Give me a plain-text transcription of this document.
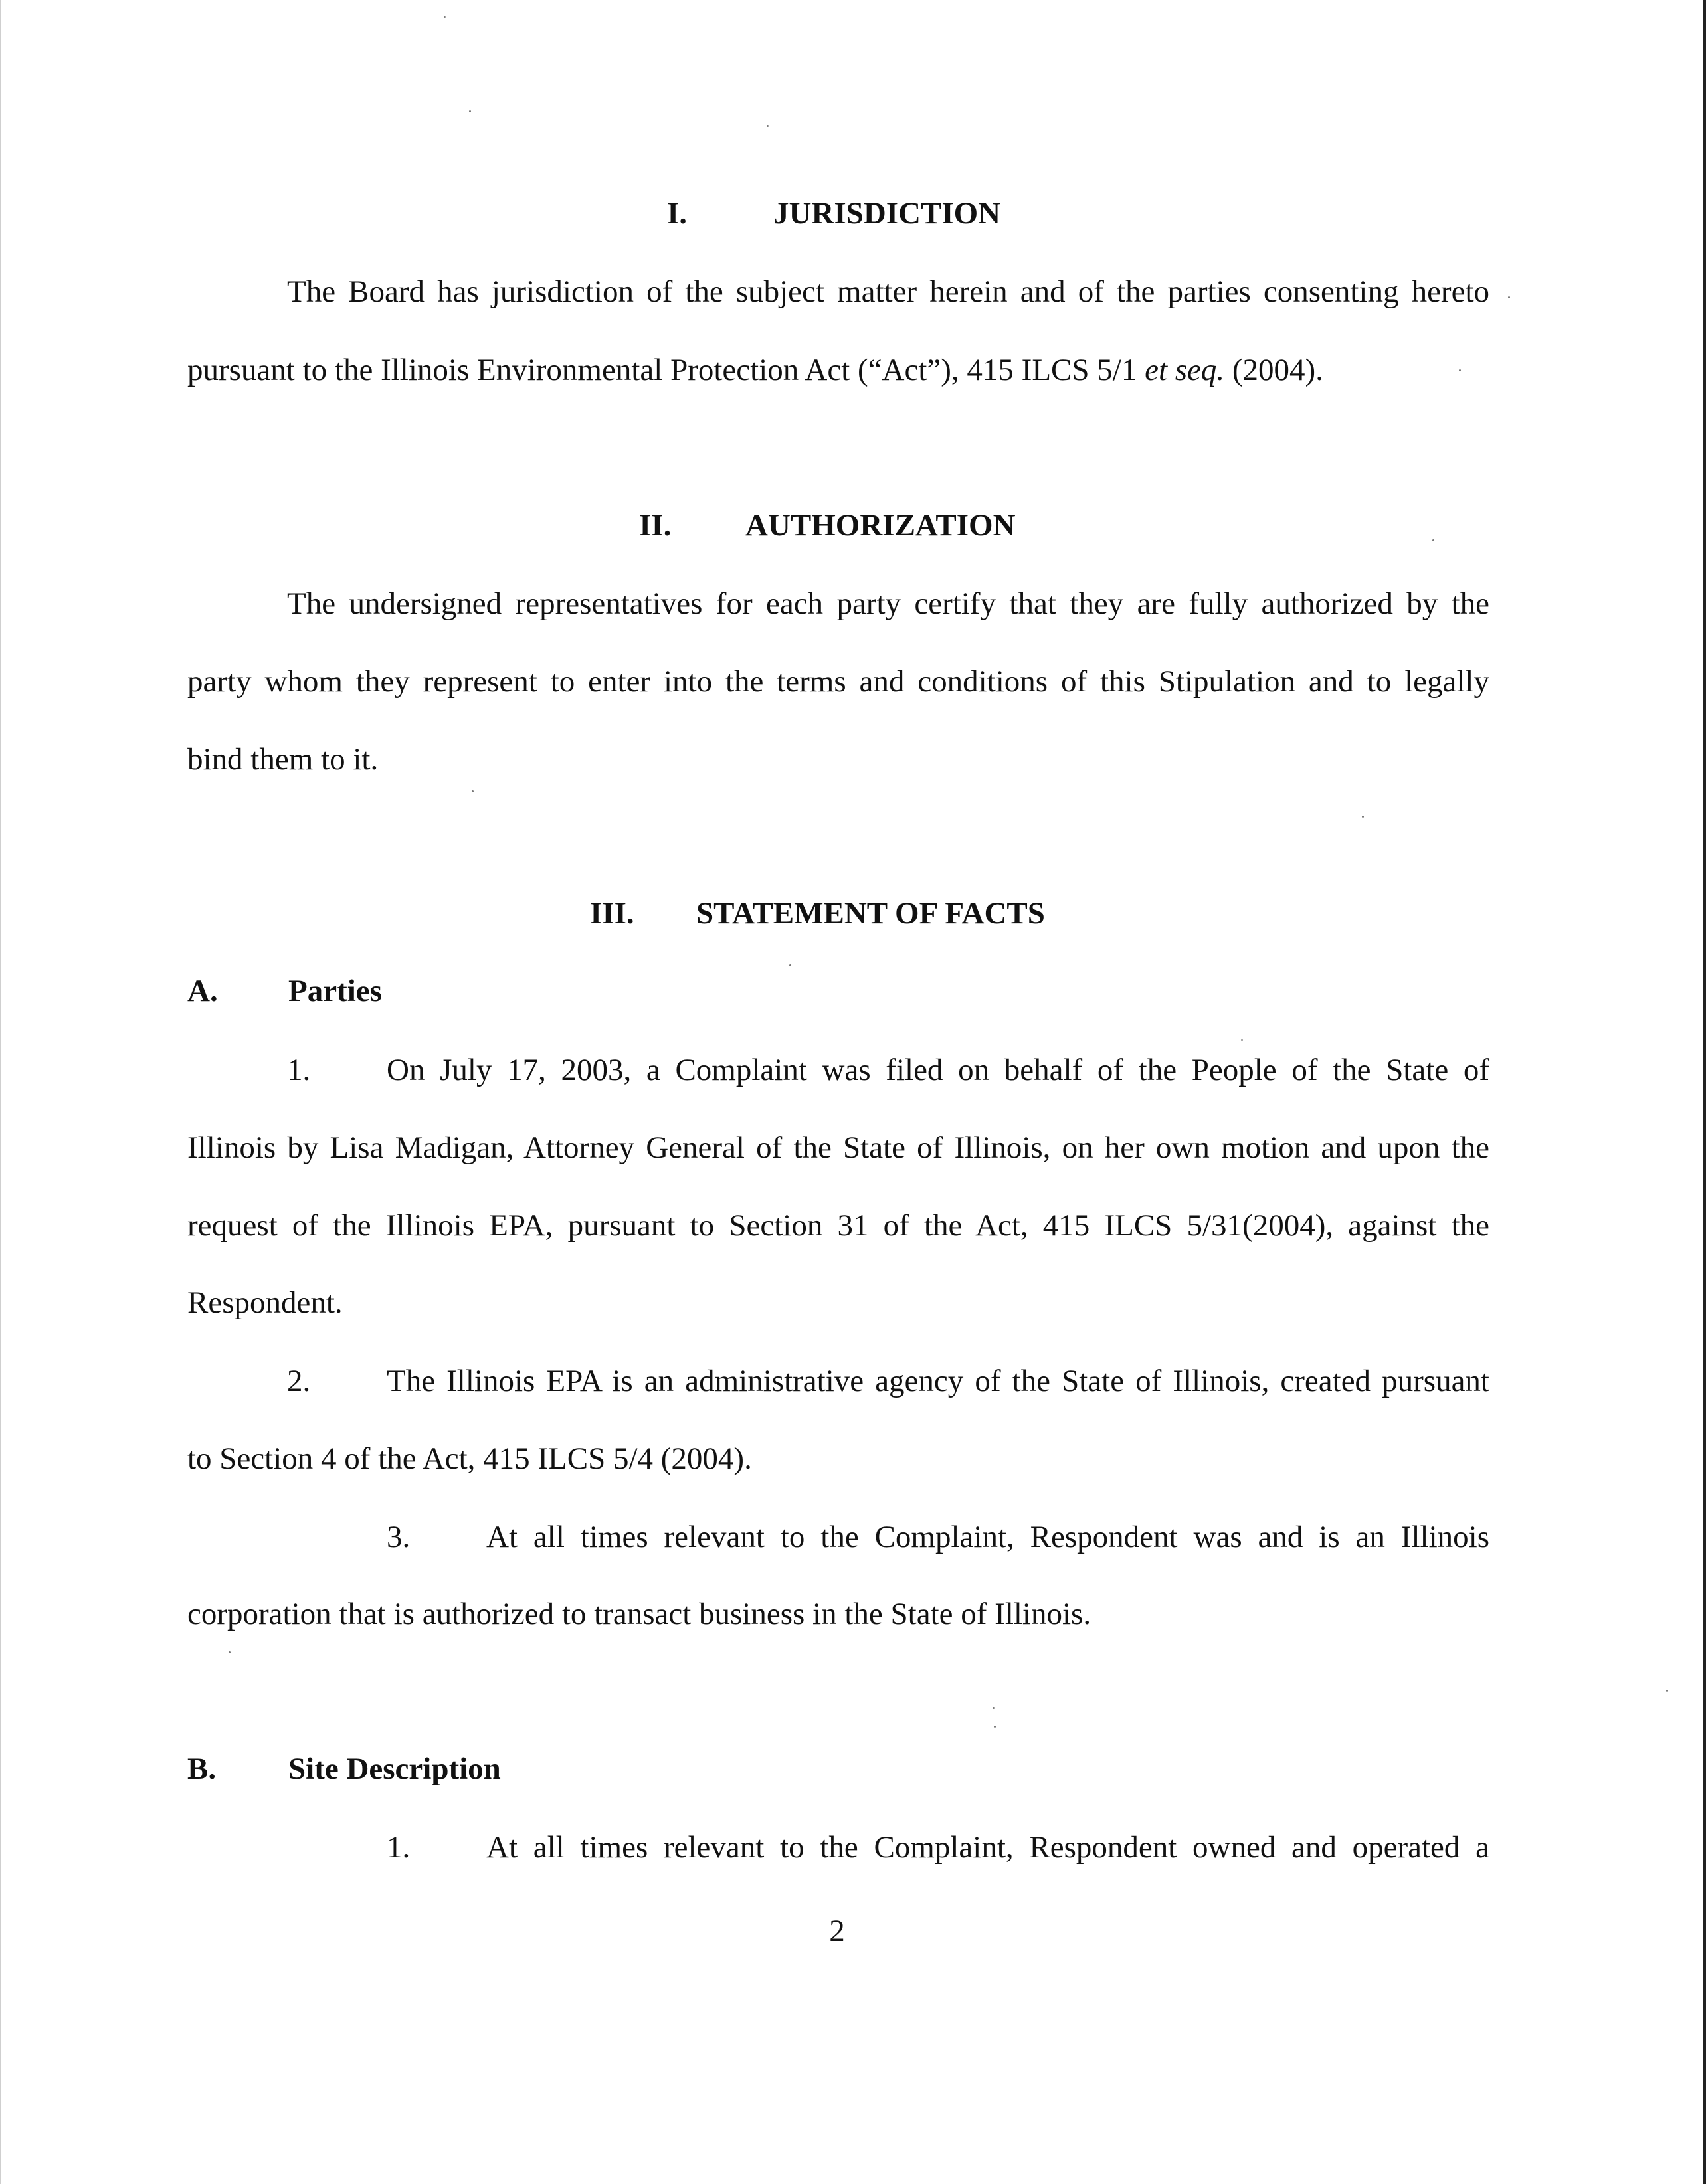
I.	JURISDICTION
The Board has jurisdiction of the subject matter herein and of the parties consenting hereto
pursuant to the Illinois Environmental Protection Act (“Act”), 415 ILCS 5/1 et seq. (2004).
II. AUTHORIZATION
The undersigned representatives for each party certify that they are fully authorized by the
party whom they represent to enter into the terms and conditions of this Stipulation and to legally
bind them to it.
III. STATEMENT OF FACTS
A. Parties
1. On July 17, 2003, a Complaint was filed on behalf of the People of the State of
Illinois by Lisa Madigan, Attorney General of the State of Illinois, on her own motion and upon the
request of the Illinois EPA, pursuant to Section 31 of the Act, 415 ILCS 5/31(2004), against the
Respondent.
2. The Illinois EPA is an administrative agency of the State of Illinois, created pursuant
to Section 4 of the Act, 415 ILCS 5/4 (2004).
3. At all times relevant to the Complaint, Respondent was and is an Illinois
corporation that is authorized to transact business in the State of Illinois.
B. Site Description
1. At all times relevant to the Complaint, Respondent owned and operated a
2
